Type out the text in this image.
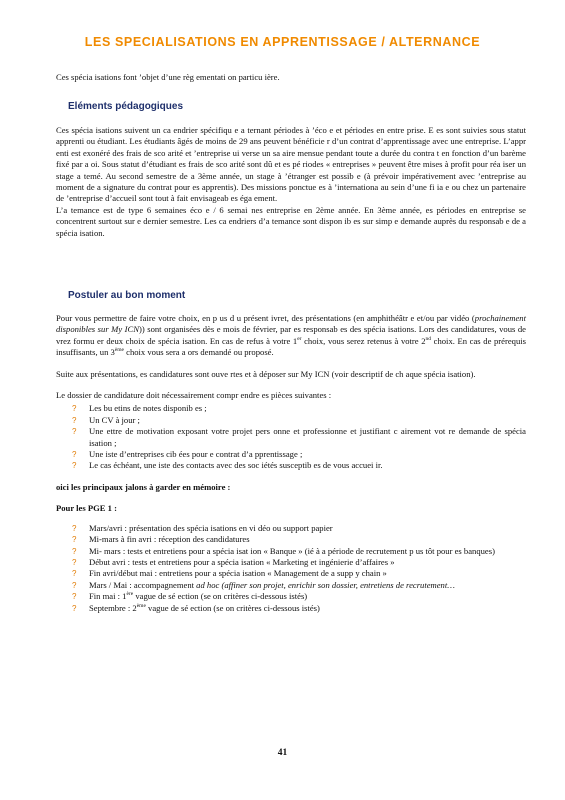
LES SPECIALISATIONS EN APPRENTISSAGE / ALTERNANCE
Ces spécia isations font ’objet d’une règ ementati on particu ière.
Eléments pédagogiques

Ces spécia isations suivent un ca endrier spécifiqu e a ternant périodes à ’éco e et périodes en entre prise. E es sont suivies sous statut apprenti ou étudiant. Les étudiants âgés de moins de 29 ans peuvent bénéficie r d’un contrat d’apprentissage avec une entreprise. L’appr enti est exonéré des frais de sco arité et ’entreprise ui verse un sa aire mensue pendant toute a durée du contra t en fonction d’un barème fixé par a oi. Sous statut d’étudiant es frais de sco arité sont dû et es pé riodes « entreprises » peuvent être mises à profit pour réa iser un stage a temé. Au second semestre de a 3ème année, un stage à ’étranger est possib e (à prévoir impérativement avec ’entreprise au moment de a signature du contrat pour es apprentis). Des missions ponctue es à ’internationa au sein d’une fi ia e ou chez un partenaire de ’entreprise d’accueil sont tout à fait envisageab es éga ement.

L’a temance est de type 6 semaines éco e / 6 semai nes entreprise en 2ème année. En 3ème année, es périodes en entreprise se concentrent surtout sur e dernier semestre. Les ca endriers d’a temance sont dispon ib es sur simp e demande auprès du responsab e de a spécia isation.

Postuler au bon moment

Pour vous permettre de faire votre choix, en p us d u présent ivret, des présentations (en amphithéâtr e et/ou par vidéo (prochainement disponibles sur My ICN)) sont organisées dès e mois de février, par es responsab es des spécia isations. Lors des candidatures, vous de vrez formu er deux choix de spécia isation. En cas de refus à votre 1er choix, vous serez retenus à votre 2nd choix. En cas de prérequis insuffisants, un 3ème choix vous sera a ors demandé ou proposé.

Suite aux présentations, es candidatures sont ouve rtes et à déposer sur My ICN (voir descriptif de ch aque spécia isation).

Le dossier de candidature doit nécessairement compr endre es pièces suivantes :

? Les bu etins de notes disponib es ;
? Un CV à jour ;
? Une ettre de motivation exposant votre projet pers onne et professionne et justifiant c airement vot re demande de spécia isation ;
? Une iste d’entreprises cib ées pour e contrat d’a pprentissage ;
? Le cas échéant, une iste des contacts avec des soc iétés susceptib es de vous accuei ir.

oici les principaux jalons à garder en mémoire :

Pour les PGE 1 :

? Mars/avri : présentation des spécia isations en vi déo ou support papier
? Mi-mars à fin avri : réception des candidatures
? Mi- mars : tests et entretiens pour a spécia isat ion « Banque » (ié à a période de recrutement p us tôt pour es banques)
? Début avri : tests et entretiens pour a spécia isation « Marketing et ingénierie d’affaires »
? Fin avri/début mai : entretiens pour a spécia isation « Management de a supp y chain »
? Mars / Mai : accompagnement ad hoc (affiner son projet, enrichir son dossier, entretiens de recrutement…
? Fin mai : 1ère vague de sé ection (se on critères ci-dessous istés)
? Septembre : 2ème vague de sé ection (se on critères ci-dessous istés)
41
